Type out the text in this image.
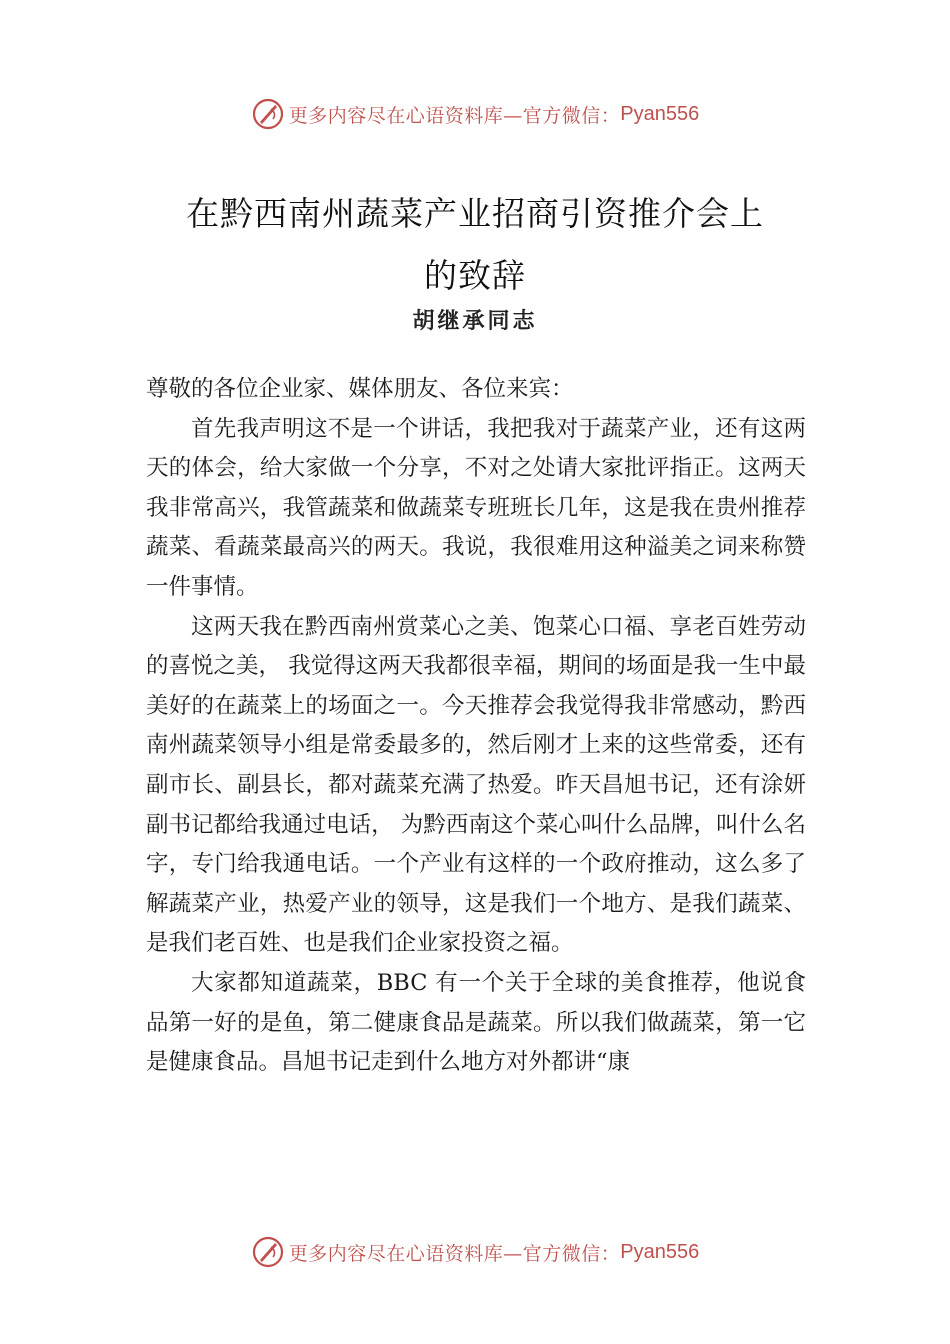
更多内容尽在心语资料库— 官方微信： Pyan556
在黔西南州蔬菜产业招商引资推介会上
的致辞
胡继承同志

尊敬的各位企业家、媒体朋友、各位来宾：

首先我声明这不是一个讲话，我把我对于蔬菜产业，还有这两天的体会，给大家做一个分享，不对之处请大家批评指正。这两天我非常高兴，我管蔬菜和做蔬菜专班班长几年，这是我在贵州推荐蔬菜、看蔬菜最高兴的两天。我说，我很难用这种溢美之词来称赞一件事情。

这两天我在黔西南州赏菜心之美、饱菜心口福、享老百姓劳动的喜悦之美， 我觉得这两天我都很幸福，期间的场面是我一生中最美好的在蔬菜上的场面之一。今天推荐会我觉得我非常感动，黔西南州蔬菜领导小组是常委最多的，然后刚才上来的这些常委，还有副市长、副县长，都对蔬菜充满了热爱。昨天昌旭书记，还有涂妍副书记都给我通过电话， 为黔西南这个菜心叫什么品牌，叫什么名字，专门给我通电话。一个产业有这样的一个政府推动，这么多了解蔬菜产业，热爱产业的领导，这是我们一个地方、是我们蔬菜、是我们老百姓、也是我们企业家投资之福。

大家都知道蔬菜，BBC 有一个关于全球的美食推荐，他说食品第一好的是鱼，第二健康食品是蔬菜。所以我们做蔬菜，第一它是健康食品。昌旭书记走到什么地方对外都讲“康

更多内容尽在心语资料库— 官方微信： Pyan556
